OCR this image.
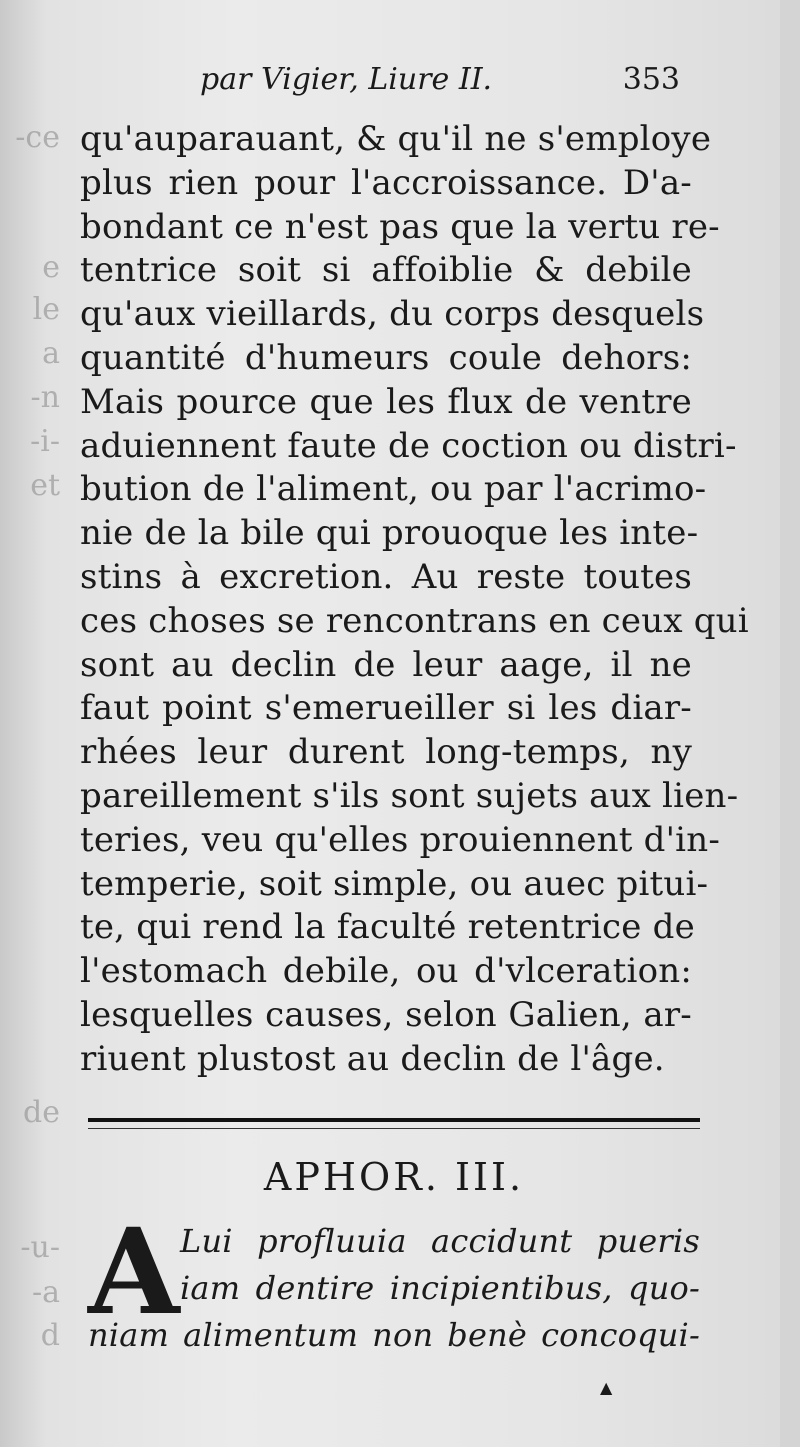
-ce
e
le
a
-n
-i-
et
de
-u-
-a
d
par Vigier, Liure II.	353
qu'auparauant, & qu'il ne s'employe
plus rien pour l'accroissance. D'a-
bondant ce n'est pas que la vertu re-
tentrice soit si affoiblie & debile
qu'aux vieillards, du corps desquels
quantité d'humeurs coule dehors:
Mais pource que les flux de ventre
aduiennent faute de coction ou distri-
bution de l'aliment, ou par l'acrimo-
nie de la bile qui prouoque les inte-
stins à excretion. Au reste toutes
ces choses se rencontrans en ceux qui
sont au declin de leur aage, il ne
faut point s'emerueiller si les diar-
rhées leur durent long-temps, ny
pareillement s'ils sont sujets aux lien-
teries, veu qu'elles prouiennent d'in-
temperie, soit simple, ou auec pitui-
te, qui rend la faculté retentrice de
l'estomach debile, ou d'vlceration:
lesquelles causes, selon Galien, ar-
riuent plustost au declin de l'âge.
APHOR. III.
A Lui profluuia accidunt pueris
iam dentire incipientibus, quo-
niam alimentum non benè concoqui-
▲
